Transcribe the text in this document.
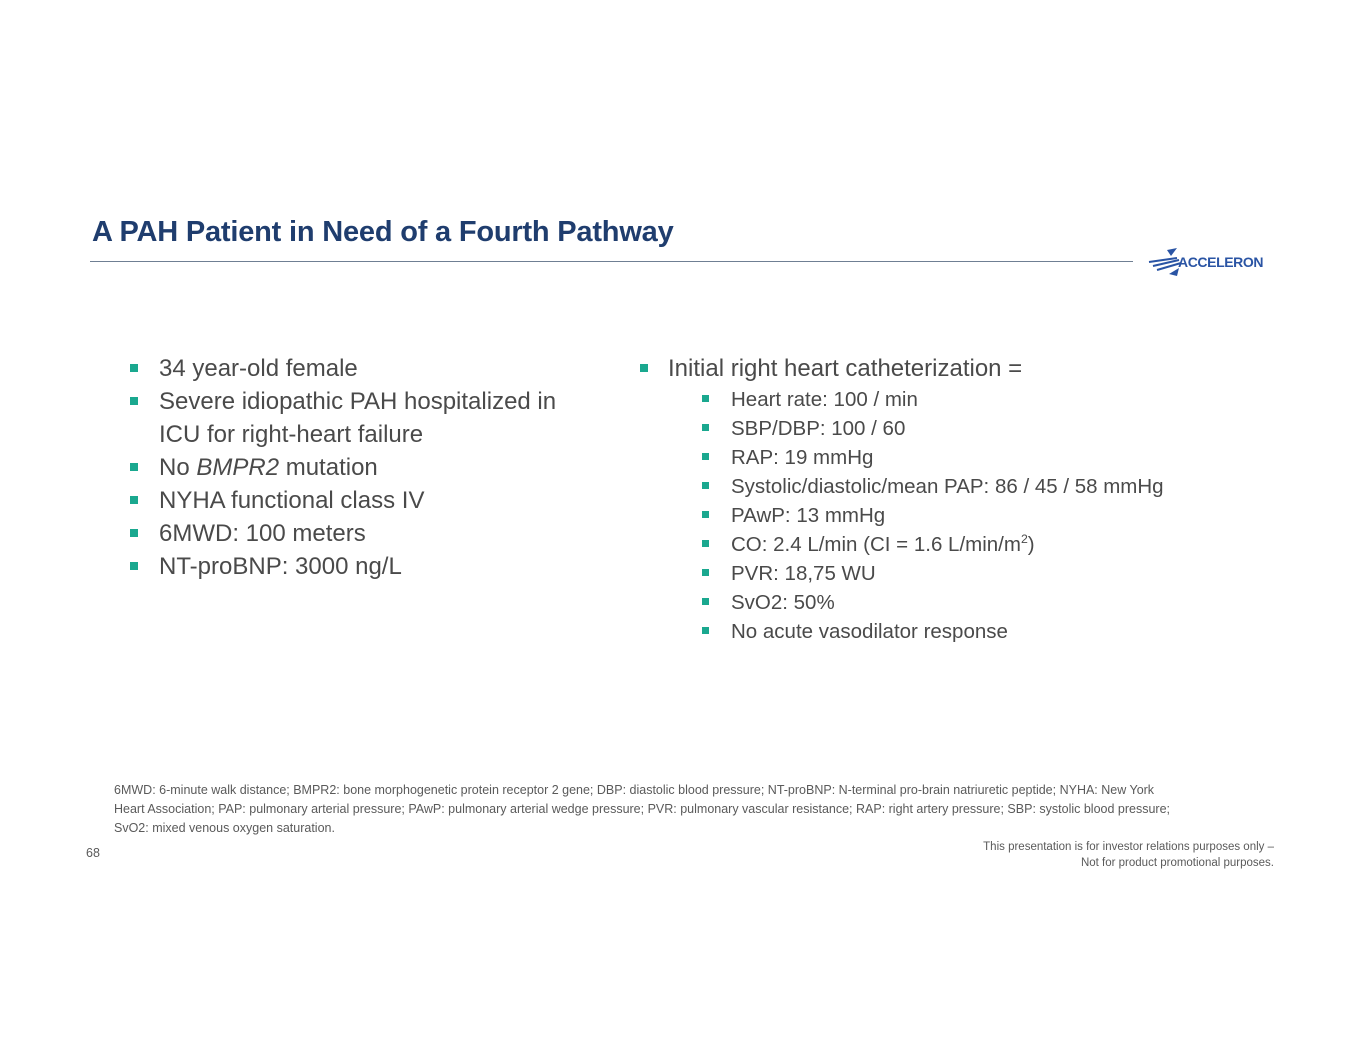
A PAH Patient in Need of a Fourth Pathway
ACCELERON
34 year-old female
Severe idiopathic PAH hospitalized in ICU for right-heart failure
No BMPR2 mutation
NYHA functional class IV
6MWD: 100 meters
NT-proBNP: 3000 ng/L
Initial right heart catheterization =
Heart rate: 100 / min
SBP/DBP: 100 / 60
RAP: 19 mmHg
Systolic/diastolic/mean PAP: 86 / 45 / 58 mmHg
PAwP: 13 mmHg
CO: 2.4 L/min (CI = 1.6 $L/\min/m^2$)
PVR: 18,75 WU
SvO2: 50%
No acute vasodilator response
6MWD: 6-minute walk distance; BMPR2: bone morphogenetic protein receptor 2 gene; DBP: diastolic blood pressure; NT-proBNP: N-terminal pro-brain natriuretic peptide; NYHA: New York Heart Association; PAP: pulmonary arterial pressure; PAwP: pulmonary arterial wedge pressure; PVR: pulmonary vascular resistance; RAP: right artery pressure; SBP: systolic blood pressure; SvO2: mixed venous oxygen saturation.
68	This presentation is for investor relations purposes only –
Not for product promotional purposes.
